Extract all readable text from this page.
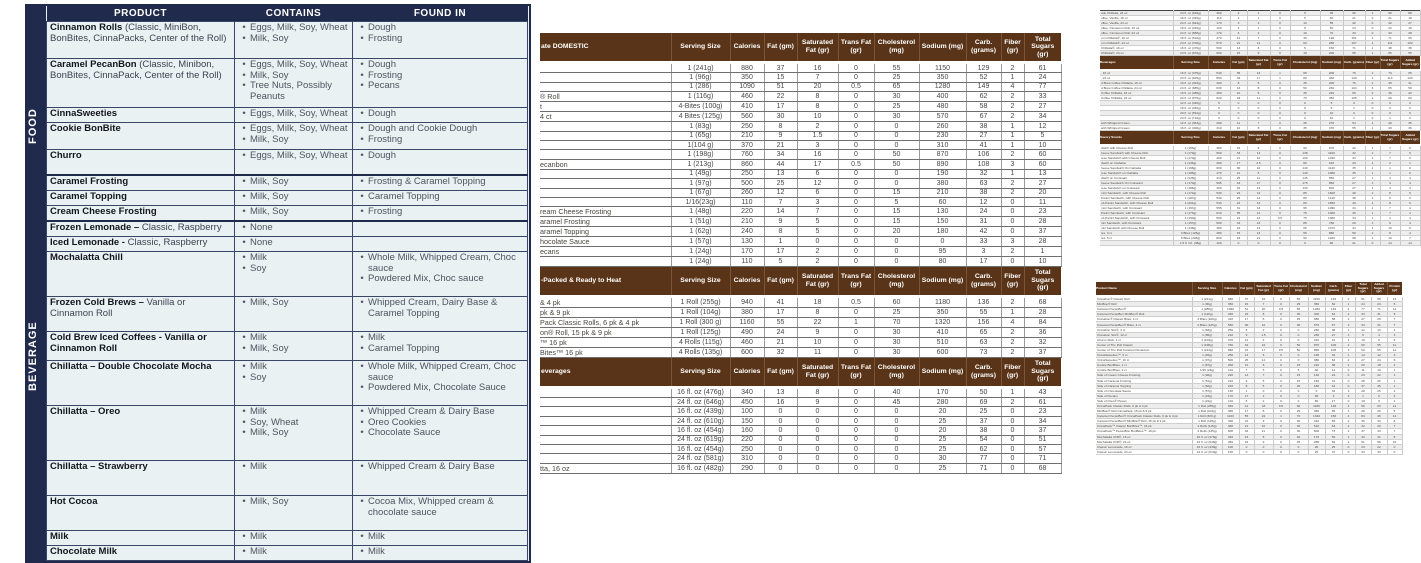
FOOD
BEVERAGE
PRODUCT	CONTAINS	FOUND IN

Cinnamon Rolls (Classic, MiniBon, BonBites, CinnaPacks, Center of the Roll)

• Eggs, Milk, Soy, Wheat
• Milk, Soy

• Dough
• Frosting

Caramel PecanBon (Classic, Minibon, BonBites, CinnaPack, Center of the Roll)

• Eggs, Milk, Soy, Wheat
• Milk, Soy
• Tree Nuts, Possibly Peanuts

• Dough
• Frosting
• Pecans

CinnaSweeties	• Eggs, Milk, Soy, Wheat	• Dough

Cookie BonBite	• Eggs, Milk, Soy, Wheat
• Milk, Soy

• Dough and Cookie Dough
• Frosting

Churro	• Eggs, Milk, Soy, Wheat	• Dough

Caramel Frosting	• Milk, Soy	• Frosting & Caramel Topping

Caramel Topping	• Milk, Soy	• Caramel Topping

Cream Cheese Frosting	• Milk, Soy	• Frosting

Frozen Lemonade – Classic, Raspberry	• None	

Iced Lemonade - Classic, Raspberry	• None	

Mochalatta Chill	• Milk
• Soy

• Whole Milk, Whipped Cream, Choc sauce
• Powdered Mix, Choc sauce

Frozen Cold Brews – Vanilla or Cinnamon Roll	• Milk, Soy	• Whipped Cream, Dairy Base & Caramel Topping

Cold Brew Iced Coffees - Vanilla or Cinnamon Roll

• Milk
• Milk, Soy

• Milk
• Caramel Topping

Chillatta – Double Chocolate Mocha	• Milk
• Soy

• Whole Milk, Whipped Cream, Choc sauce
• Powdered Mix, Chocolate Sauce

Chillatta – Oreo	• Milk
• Soy, Wheat
• Milk, Soy

• Whipped Cream & Dairy Base
• Oreo Cookies
• Chocolate Sauce

Chillatta – Strawberry	• Milk	• Whipped Cream & Dairy Base

Hot Cocoa	• Milk, Soy	• Cocoa Mix, Whipped cream & chocolate sauce

Milk	• Milk	• Milk

Chocolate Milk	• Milk	• Milk
ate DOMESTIC	Serving Size	Calories	Fat (gm)	Saturated Fat (gr)	Trans Fat (gr)	Cholesterol (mg)	Sodium (mg)	Carb. (grams)	Fiber (gr)	Total Sugars (gr)
	1 (241g)	880	37	16	0	55	1150	129	2	61
	1 (96g)	350	15	7	0	25	350	52	1	24
	1 (286)	1090	51	20	0.5	65	1280	149	4	77
® Roll	1 (116g)	460	22	8	0	30	400	62	2	33
t	4-Bites (100g)	410	17	8	0	25	480	58	2	27
4 ct	4 Bites (125g)	560	30	10	0	30	570	67	2	34
	1 (83g)	250	8	2	0	0	260	38	1	12
	1 (65g)	210	9	1.5	0	0	230	27	1	5
	1(104 g)	370	21	3	0	0	310	41	1	10
	1 (198g)	760	34	16	0	50	870	106	2	60
ecanbon	1 (213g)	860	44	17	0.5	50	890	108	3	60
	1 (49g)	250	13	6	0	0	190	32	1	13
	1 (97g)	500	25	12	0	0	380	63	2	27
	1 (67g)	260	12	6	0	15	210	38	2	20
	1/16(23g)	110	7	3	0	5	60	12	0	11
ream Cheese Frosting	1 (48g)	220	14	7	0	15	130	24	0	23
aramel Frosting	1 (51g)	210	9	5	0	15	150	31	0	28
aramel Topping	1 (62g)	240	8	5	0	20	180	42	0	37
hocolate Sauce	1 (57g)	130	1	0	0	0	0	33	3	28
ecans	1 (24g)	170	17	2	0	0	95	3	2	1
	1 (24g)	110	5	2	0	0	80	17	0	10
-Packed & Ready to Heat	Serving Size	Calories	Fat (gm)	Saturated Fat (gr)	Trans Fat (gr)	Cholesterol (mg)	Sodium (mg)	Carb. (grams)	Fiber (gr)	Total Sugars (gr)
& 4 pk	1 Roll (255g)	940	41	18	0.5	60	1180	136	2	68
pk & 9 pk	1 Roll (104g)	380	17	8	0	25	350	55	1	28
Pack Classic Rolls, 6 pk & 4 pk	1 Roll (300 g)	1160	55	22	1	70	1320	156	4	84
on® Roll, 15 pk & 9 pk	1 Roll (125g)	490	24	9	0	30	410	65	2	36
™ 16 pk	4 Rolls (115g)	460	21	10	0	30	510	63	2	32
Bites™ 16 pk	4 Rolls (135g)	600	32	11	0	30	600	73	2	37
everages	Serving Size	Calories	Fat (gm)	Saturated Fat (gr)	Trans Fat (gr)	Cholesterol (mg)	Sodium (mg)	Carb. (grams)	Fiber (gr)	Total Sugars (gr)
	16 fl. oz (476g)	340	13	8	0	40	170	50	1	43
	24 fl. oz (646g)	450	16	9	0	45	280	69	2	61
	16 fl. oz (439g)	100	0	0	0	0	20	25	0	23
	24 fl. oz (610g)	150	0	0	0	0	25	37	0	34
	16 fl. oz (454g)	160	0	0	0	0	20	38	0	37
	24 fl. oz (619g)	220	0	0	0	0	25	54	0	51
	16 fl. oz (454g)	250	0	0	0	0	25	62	0	57
	24 fl. oz (581g)	310	0	0	0	0	30	77	0	71
tta, 16 oz	16 fl. oz (482g)	290	0	0	0	0	25	71	0	68
ade Chillatta, 24 oz	24 fl. oz (629g)	390	2	1	0	5	35	96	1	90	88
offee, Vanilla, 16 oz	16 fl. oz (449g)	110	2	1	0	5	40	21	0	21	18
offee, Vanilla, 24 oz	24 fl. oz (624g)	170	3	2	0	10	55	32	0	32	27
offee, Cinnamon Roll, 16 oz	16 fl. oz (445g)	120	2	1	0	5	50	23	0	22	19
offee, Cinnamon Roll, 24 oz	24 fl. oz (658g)	170	3	2	0	10	70	33	0	32	28
orn Chillatta®, 16 oz	16 fl. oz (510g)	370	14	7	0	45	190	101	1	71	65
orn Chillatta®, 24 oz	24 fl. oz (700g)	570	21	11	0	60	280	157	1	111	102
Chillatta®, 16 oz	16 fl. oz (476g)	500	13	8	0	5	150	71	1	48	38
Chillatta®, 24 oz	24 fl. oz (670g)	660	15	9	0	10	200	95	1	65	55
Beverages	Serving Size	Calories	Fat (gm)	Saturated Fat (gr)	Trans Fat (gr)	Cholesterol (mg)	Sodium (mg)	Carb. (grams)	Fiber (gr)	Total Sugars (gr)	Added Sugars (gr)
, 16 oz	16 fl. oz (375g)	640	35	13	1	65	200	76	1	73	65
, 24 oz	24 fl. oz (625g)	850	33	17	1	80	460	130	1	113	100
d Brew Coffee Chillatta, 16 oz	16 fl. oz (493g)	400	8	5	0	35	200	75	2	45	41
d Brew Coffee Chillatta, 24 oz	24 fl. oz (685g)	630	13	8	0	50	260	104	3	65	58
Coffee Chillatta, 16 oz	16 fl. oz (485g)	400	10	6	0	35	240	66	2	46	42
Coffee Chillatta, 24 oz	24 fl. oz (675g)	620	18	11	0	70	350	105	2	66	60
	12 fl. oz (340g)	5	0	0	0	0	5	0	0	0	0
	16 fl. oz (340g)	5	0	0	0	0	5	1	0	0	0
	20 fl. oz (591g)	0	0	0	0	0	10	0	0	0	0
	24 fl. oz (710g)	0	0	0	0	0	10	1	0	1	0
with Whipped Cream	12 fl. oz (363g)	290	11	7	0	35	270	54	1	49	35
with Whipped Cream	16 fl. oz (400g)	310	12	8	0	35	370	55	1	49	36
Savory Snacks	Serving Size	Calories	Fat (gm)	Saturated Fat (gr)	Trans Fat (gr)	Cholesterol (mg)	Sodium (mg)	Carb. (grams)	Fiber (gr)	Total Sugars (gr)	Added Sugars (gr)
dwich with Cheese Roll	1 (156g)	380	15	8	0	90	870	42	1	7	6
heese Sandwich with Cheese Roll	1 (179g)	560	33	14	0	135	1100	42	1	7	6
rese Sandwich with Cheese Roll	1 (170g)	460	21	10	0	100	1040	43	1	7	6
dwich on Ciabatta	1 (136g)	400	17	4.5	0	80	910	33	1	2	1
heese Sandwich On Ciabatta	1 (198g)	600	30	10	0	140	1140	35	1	1	0
rese Sandwich on Ciabatta	1 (185g)	470	21	6	0	140	1080	35	1	1	0
dwich on Croissant	1 (128g)	410	25	11	0	145	550	27	1	4	4
heese Sandwich On Croissant	1 (170g)	595	44	17	0	175	850	27	1	4	4
rese Sandwich on Croissant	1 (186g)	460	32	13	0	130	500	27	1	4	4
mini Sandwich, with Cheese Roll	1 (172g)	530	24	13	0	85	1600	49	1	8	6
Panini Sandwich, with Cheese Roll	1 (187g)	540	25	13	0	80	1410	48	1	8	6
ub Panini Sandwich, with Cheese Roll	1 (201g)	530	24	13	0	80	1650	49	1	8	6
mini Sandwich, with Croissant	1 (167g)	555	31	13	0	95	1090	34	1	7	4
Panini Sandwich, with Croissant	1 (173g)	610	35	14	0	75	1000	35	1	7	4
ub Panini Sandwich, with Croissant	1 (190g)	500	24	13	0.5	75	1380	34	1	4	4
nini Sandwich, with Croissant	1 (157g)	500	34	13	0	85	780	29	1	6	4
nini Sandwich with Cheese Roll	1 (138g)	480	24	13	0	65	1070	44	1	10	6
tes, 3 ct	3 Bites (125g)	480	15	13	0	55	880	59	1	8	4
tes, 5 ct	5 Bites (208g)	800	18	21	0	90	1460	98	1	16	7
	1.5 fl. Oz. (38g)	100	0	0	0	0	80	21	0	14	14
Product Name	Serving Size	Calories	Fat (gm)	Saturated Fat (gr)	Trans Fat (gr)	Cholesterol (mg)	Sodium (mg)	Carb. (grams)	Fiber (gr)	Total Sugars (gr)	Added Sugars (gr)	Protein (gr)
Cinnabon® Classic Roll	1 (241g)	880	37	16	0	55	1150	129	2	61	59	13
MiniBon® Roll	1 (96g)	350	15	7	0	25	350	52	1	24	23	5
Caramel PecanBon®	1 (286g)	1090	51	20	0.5	65	1280	149	4	77	71	14
Caramel PecanBon MiniBon® Roll	1 (116g)	460	22	8	0	30	400	62	2	33	31	6
Cinnabon® Classic Bites, 4 ct	4 Bites (100g)	410	17	8	0	25	480	58	2	27	25	7
Caramel PecanBon® Bites, 4 ct	4 Bites (125g)	560	30	10	0	30	570	67	2	34	31	7
Cinnabon Stix®, 4 ct	1 (83g)	250	8	2	0	0	260	38	1	12	10	4
Cinnabon Stix®, 10 ct	1 (65g)	210	9	1.5	0	0	230	27	1	5	4	3
Churro Stick, 1 ct	1 (104g)	370	21	3	0	0	310	41	1	10	9	5
Center of The Roll Classic	1 (198g)	760	34	16	0	50	870	106	2	60	55	11
Center of The Roll Caramel Pecanbon	1 (213g)	860	44	17	0.5	50	890	108	3	60	55	11
CinnaSweeties™, 5 ct	1 (49g)	250	13	6	0	0	190	32	1	13	12	3
CinnaSweeties™, 10 ct	1 (97g)	500	25	12	0	0	380	63	2	27	24	6
Cookie BonBites, 1 ct	1 (67g)	260	12	6	0	15	210	38	2	20	18	4
Cookie BonBites, 2 ct	1/16 (23g)	110	7	3	0	5	60	12	0	11	10	1
Side of Cream Cheese Frosting	1 (48g)	220	14	7	0	15	130	24	0	23	22	1
Side of Caramel Frosting	1 (51g)	210	9	5	0	15	150	31	0	28	26	1
Side of Caramel Topping	1 (62g)	240	8	5	0	20	180	42	0	37	35	1
Side of Chocolate Sauce	1 (57g)	130	1	0	0	0	0	33	3	28	25	2
Side of Pecans	1 (24g)	170	17	2	0	0	95	3	2	1	0	2
Side of Oreo® Pieces	1 (24g)	110	5	2	0	0	80	17	0	10	9	1
CinnaPack Classic Rolls, 6 pk & 4 pk	1 Roll (255g)	940	41	18	0.5	60	1180	136	2	68	63	14
MiniBon® Roll CinnaPack, 15 pk & 9 pk	1 Roll (104g)	380	17	8	0	25	350	55	1	28	26	5
Caramel PecanBon® CinnaPack Classic Rolls, 6 pk & 4 pk	1 Roll (300 g)	1160	55	22	1	70	1320	156	4	84	46	14
Caramel PecanBon® MiniBon® Roll, 15 pk & 9 pk	1 Roll (125g)	490	24	9	0	30	410	65	2	36	33	6
CinnaPack™ Classic BonBites™, 16 pk	4 Rolls (115g)	460	21	10	0	30	510	63	2	32	29	7
CinnaPack™ PecanBon BonBites™, 16 pk	4 Rolls (135g)	600	32	11	0	30	600	73	2	37	33	7
Mochalatta Chill®, 16 oz	16 fl. oz (476g)	340	13	8	0	40	170	50	1	43	41	8
Mochalatta Chill®, 24 oz	24 fl. oz (646g)	450	16	9	0	45	280	69	2	61	58	10
Classic Lemonade, 16 oz	16 fl. oz (439g)	100	0	0	0	0	20	25	0	23	22	0
Classic Lemonade, 24 oz	24 fl. oz (610g)	150	0	0	0	0	25	37	0	34	33	0
